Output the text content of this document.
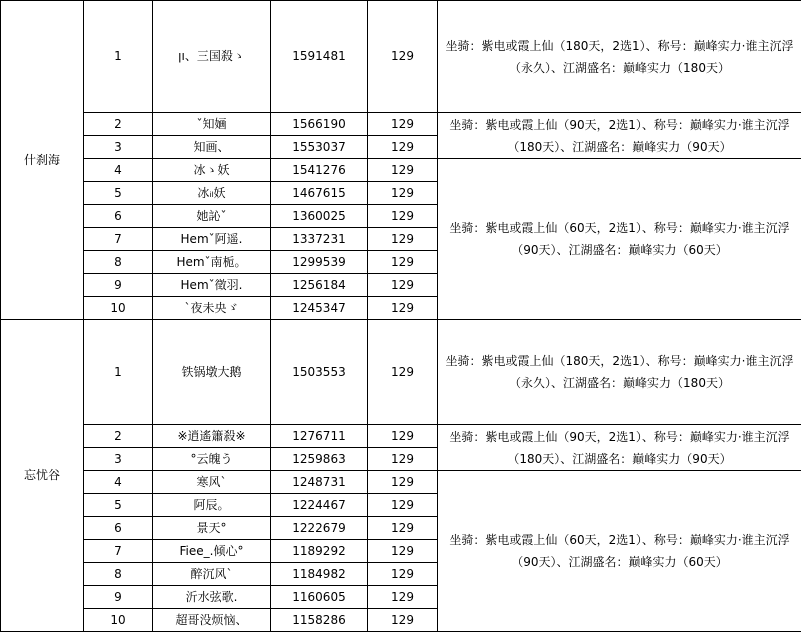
什刹海	1	ꞁ​ı、三国殺ゝ	1591481	129	坐骑：紫电或霞上仙（180天，2选1）、称号：巅峰实力·谁主沉浮（永久）、江湖盛名：巅峰实力（180天）
	2	ˇ知婳	1566190	129	坐骑：紫电或霞上仙（90天，2选1）、称号：巅峰实力·谁主沉浮（180天）、江湖盛名：巅峰实力（90天）
	3	知画、	1553037	129	
	4	冰ゝ妖	1541276	129	坐骑：紫电或霞上仙（60天，2选1）、称号：巅峰实力·谁主沉浮（90天）、江湖盛名：巅峰实力（60天）
	5	冰ᵢₗ妖	1467615	129	
	6	她訫ˇ	1360025	129	
	7	Hemˇ阿遥.	1337231	129	
	8	Hemˇ南栀。	1299539	129	
	9	Hemˇ徵羽.	1256184	129	
	10	ˋ夜未央ゞ	1245347	129	
忘忧谷	1	铁锅墩大鹅	1503553	129	坐骑：紫电或霞上仙（180天，2选1）、称号：巅峰实力·谁主沉浮（永久）、江湖盛名：巅峰实力（180天）
	2	※逍遙簫殺※	1276711	129	坐骑：紫电或霞上仙（90天，2选1）、称号：巅峰实力·谁主沉浮（180天）、江湖盛名：巅峰实力（90天）
	3	°云魄う	1259863	129	
	4	寒风ˋ	1248731	129	坐骑：紫电或霞上仙（60天，2选1）、称号：巅峰实力·谁主沉浮（90天）、江湖盛名：巅峰实力（60天）
	5	阿辰。	1224467	129	
	6	景天°	1222679	129	
	7	Fiee_.倾心°	1189292	129	
	8	醉沉风ˋ	1184982	129	
	9	沂水弦歌.	1160605	129	
	10	超哥没烦恼、	1158286	129	
